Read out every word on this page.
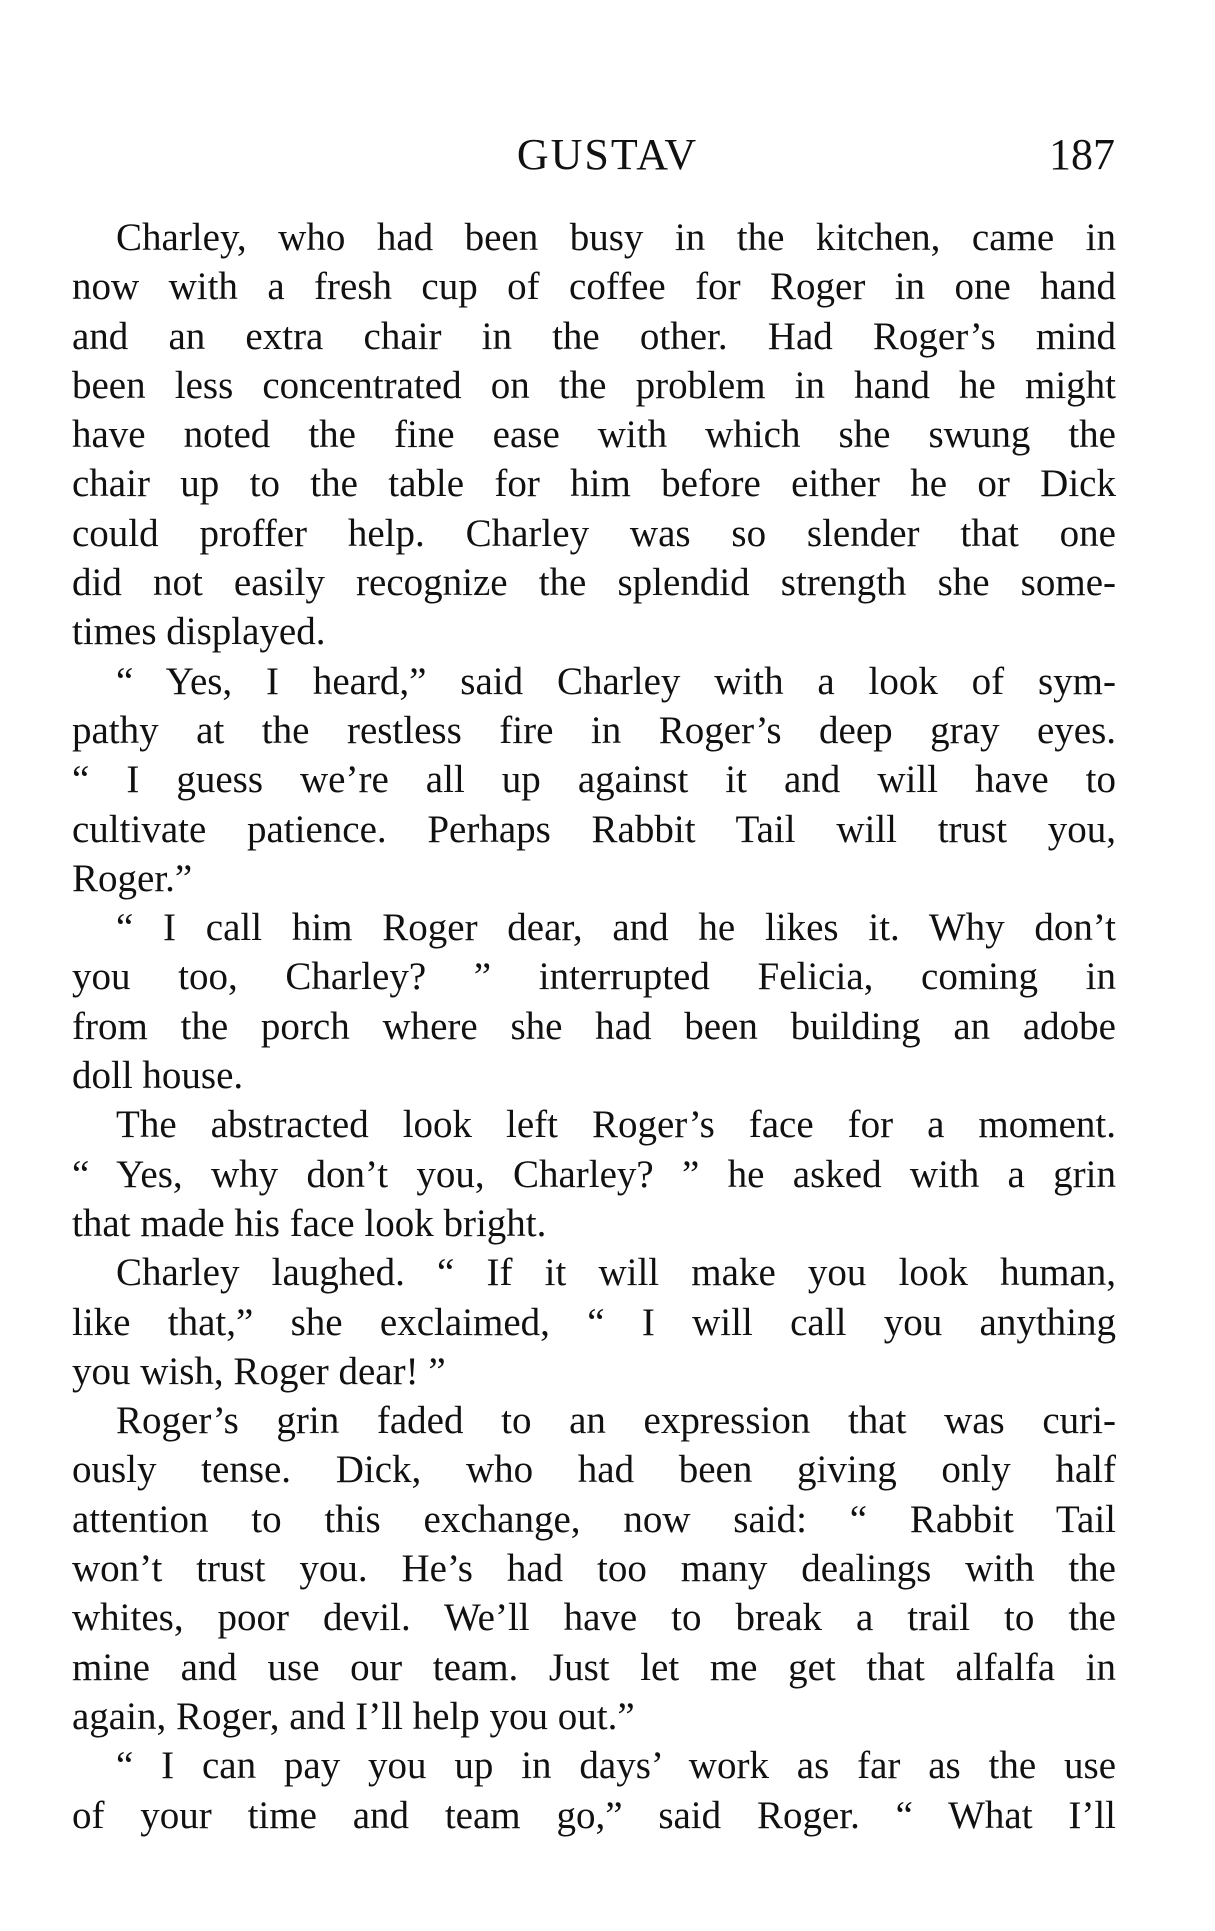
GUSTAV	187
Charley, who had been busy in the kitchen, came in
now with a fresh cup of coffee for Roger in one hand
and an extra chair in the other. Had Roger’s mind
been less concentrated on the problem in hand he might
have noted the fine ease with which she swung the
chair up to the table for him before either he or Dick
could proffer help. Charley was so slender that one
did not easily recognize the splendid strength she some-
times displayed.
“ Yes, I heard,” said Charley with a look of sym-
pathy at the restless fire in Roger’s deep gray eyes.
“ I guess we’re all up against it and will have to
cultivate patience. Perhaps Rabbit Tail will trust you,
Roger.”
“ I call him Roger dear, and he likes it. Why don’t
you too, Charley? ” interrupted Felicia, coming in
from the porch where she had been building an adobe
doll house.
The abstracted look left Roger’s face for a moment.
“ Yes, why don’t you, Charley? ” he asked with a grin
that made his face look bright.
Charley laughed. “ If it will make you look human,
like that,” she exclaimed, “ I will call you anything
you wish, Roger dear! ”
Roger’s grin faded to an expression that was curi-
ously tense. Dick, who had been giving only half
attention to this exchange, now said: “ Rabbit Tail
won’t trust you. He’s had too many dealings with the
whites, poor devil. We’ll have to break a trail to the
mine and use our team. Just let me get that alfalfa in
again, Roger, and I’ll help you out.”
“ I can pay you up in days’ work as far as the use
of your time and team go,” said Roger. “ What I’ll
